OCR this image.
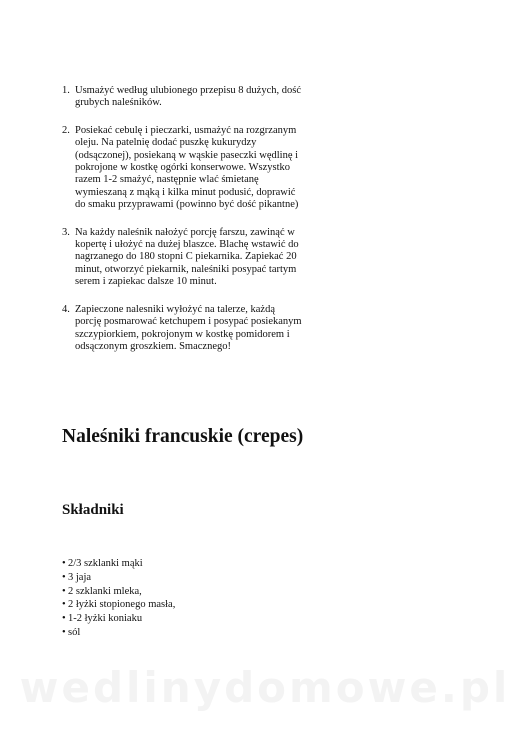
1. Usmażyć według ulubionego przepisu 8 dużych, dość grubych naleśników.
2. Posiekać cebulę i pieczarki, usmażyć na rozgrzanym oleju. Na patelnię dodać puszkę kukurydzy (odsączonej), posiekaną w wąskie paseczki wędlinę i pokrojone w kostkę ogórki konserwowe. Wszystko razem 1-2 smażyć, następnie wlać śmietanę wymieszaną z mąką i kilka minut podusić, doprawić do smaku przyprawami (powinno być dość pikantne)
3. Na każdy naleśnik nałożyć porcję farszu, zawinąć w kopertę i ułożyć na dużej blaszce. Blachę wstawić do nagrzanego do 180 stopni C piekarnika. Zapiekać 20 minut, otworzyć piekarnik, naleśniki posypać tartym serem i zapiekac dalsze 10 minut.
4. Zapieczone nalesniki wyłożyć na talerze, każdą porcję posmarować ketchupem i posypać posiekanym szczypiorkiem, pokrojonym w kostkę pomidorem i odsączonym groszkiem. Smacznego!
Naleśniki francuskie (crepes)
Składniki
• 2/3 szklanki mąki
• 3 jaja
• 2 szklanki mleka,
• 2 łyżki stopionego masła,
• 1-2 łyżki koniaku
• sól
wedlinydomowe.pl
